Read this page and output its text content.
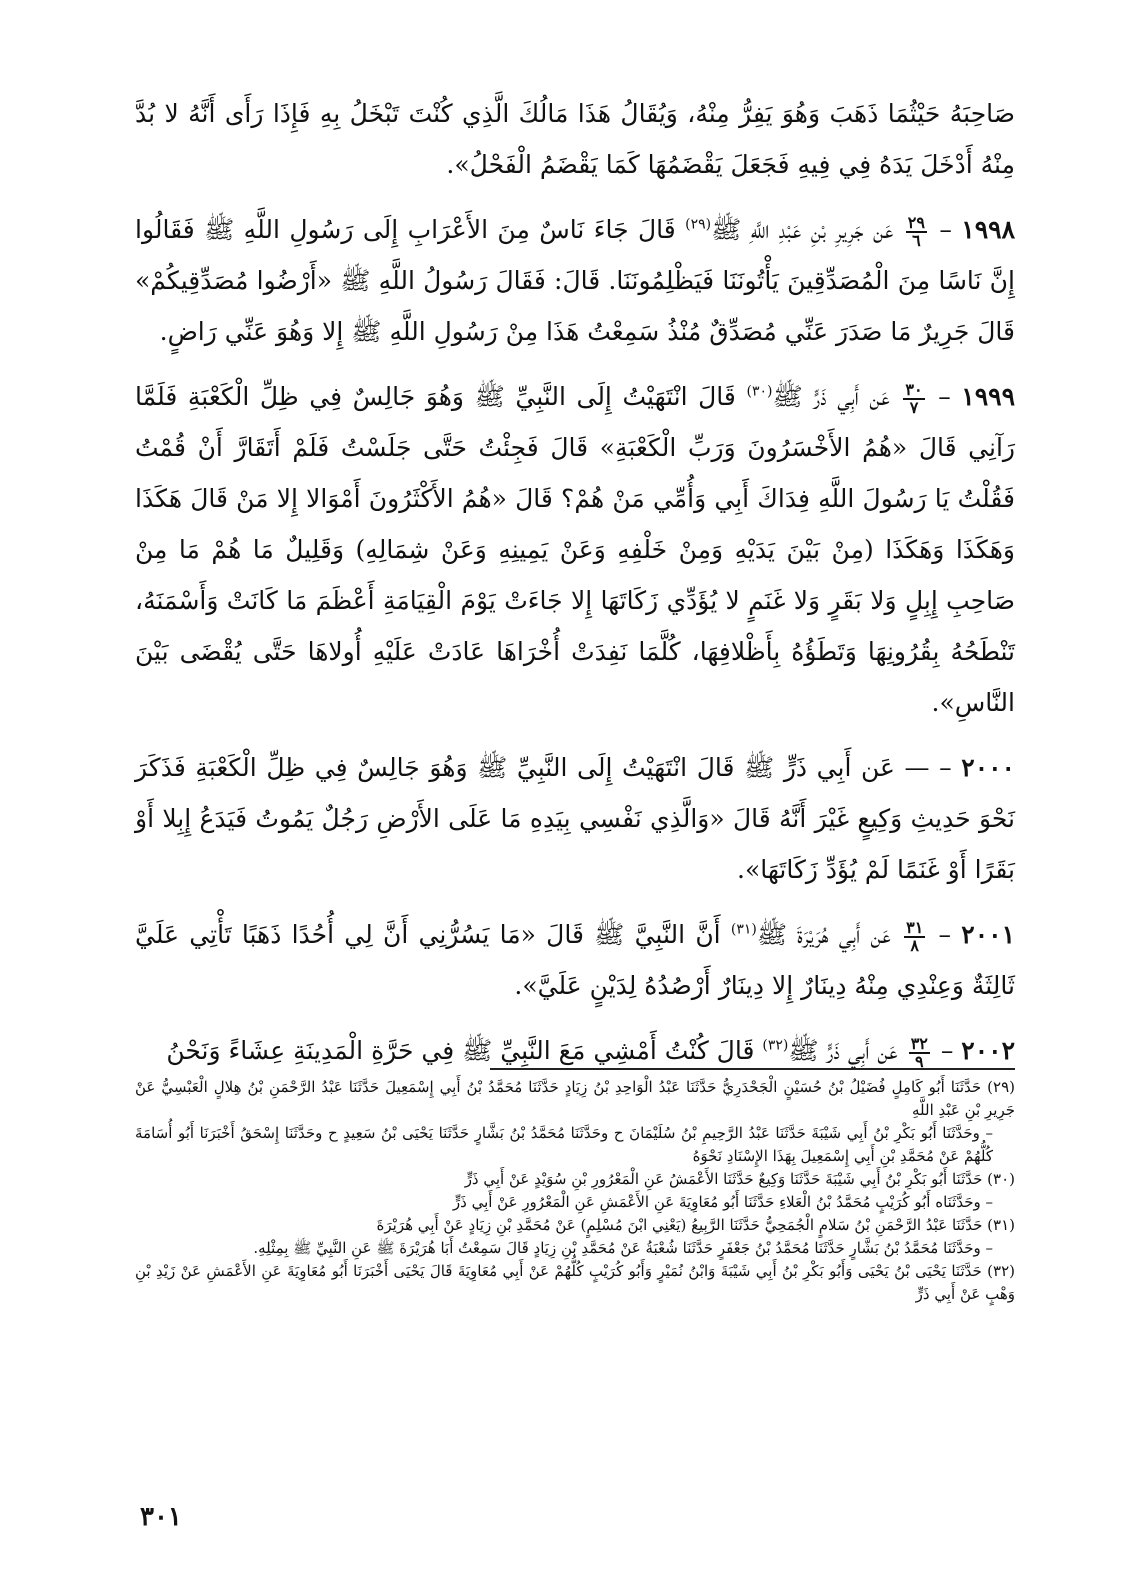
صَاحِبَهُ حَيْثُمَا ذَهَبَ وَهُوَ يَفِرُّ مِنْهُ، وَيُقَالُ هَذَا مَالُكَ الَّذِي كُنْتَ تَبْخَلُ بِهِ فَإِذَا رَأَى أَنَّهُ لا بُدَّ مِنْهُ أَدْخَلَ يَدَهُ فِي فِيهِ فَجَعَلَ يَقْضَمُهَا كَمَا يَقْضَمُ الْفَحْلُ».

١٩٩٨ –
٢٩
٦
عَن جَرِيرِ بْنِ عَبْدِ اللَّهِ ﷺ$^{(٢٩)}$ قَالَ جَاءَ نَاسٌ مِنَ الأَعْرَابِ إِلَى رَسُولِ اللَّهِ ﷺ فَقَالُوا إِنَّ نَاسًا مِنَ الْمُصَدِّقِينَ يَأْتُونَنَا فَيَظْلِمُونَنَا. قَالَ: فَقَالَ رَسُولُ اللَّهِ ﷺ «أَرْضُوا مُصَدِّقِيكُمْ» قَالَ جَرِيرٌ مَا صَدَرَ عَنِّي مُصَدِّقٌ مُنْذُ سَمِعْتُ هَذَا مِنْ رَسُولِ اللَّهِ ﷺ إِلا وَهُوَ عَنِّي رَاضٍ.

١٩٩٩ –
٣٠
٧
عَن أَبِي ذَرٍّ ﷺ$^{(٣٠)}$ قَالَ انْتَهَيْتُ إِلَى النَّبِيِّ ﷺ وَهُوَ جَالِسٌ فِي ظِلِّ الْكَعْبَةِ فَلَمَّا رَآنِي قَالَ «هُمُ الأَخْسَرُونَ وَرَبِّ الْكَعْبَةِ» قَالَ فَجِئْتُ حَتَّى جَلَسْتُ فَلَمْ أَتَقَارَّ أَنْ قُمْتُ فَقُلْتُ يَا رَسُولَ اللَّهِ فِدَاكَ أَبِي وَأُمِّي مَنْ هُمْ؟ قَالَ «هُمُ الأَكْثَرُونَ أَمْوَالا إِلا مَنْ قَالَ هَكَذَا وَهَكَذَا وَهَكَذَا (مِنْ بَيْنَ يَدَيْهِ وَمِنْ خَلْفِهِ وَعَنْ يَمِينِهِ وَعَنْ شِمَالِهِ) وَقَلِيلٌ مَا هُمْ مَا مِنْ صَاحِبِ إِبِلٍ وَلا بَقَرٍ وَلا غَنَمٍ لا يُؤَدِّي زَكَاتَهَا إِلا جَاءَتْ يَوْمَ الْقِيَامَةِ أَعْظَمَ مَا كَانَتْ وَأَسْمَنَهُ، تَنْطَحُهُ بِقُرُونِهَا وَتَطَؤُهُ بِأَظْلافِهَا، كُلَّمَا نَفِدَتْ أُخْرَاهَا عَادَتْ عَلَيْهِ أُولاهَا حَتَّى يُقْضَى بَيْنَ النَّاسِ».

٢٠٠٠ – — عَن أَبِي ذَرٍّ ﷺ قَالَ انْتَهَيْتُ إِلَى النَّبِيِّ ﷺ وَهُوَ جَالِسٌ فِي ظِلِّ الْكَعْبَةِ فَذَكَرَ نَحْوَ حَدِيثِ وَكِيعٍ غَيْرَ أَنَّهُ قَالَ «وَالَّذِي نَفْسِي بِيَدِهِ مَا عَلَى الأَرْضِ رَجُلٌ يَمُوتُ فَيَدَعُ إِبِلا أَوْ بَقَرًا أَوْ غَنَمًا لَمْ يُؤَدِّ زَكَاتَهَا».

٢٠٠١ –
٣١
٨
عَن أَبِي هُرَيْرَةَ ﷺ$^{(٣١)}$ أَنَّ النَّبِيَّ ﷺ قَالَ «مَا يَسُرُّنِي أَنَّ لِي أُحُدًا ذَهَبًا تَأْتِي عَلَيَّ ثَالِثَةٌ وَعِنْدِي مِنْهُ دِينَارٌ إِلا دِينَارٌ أَرْصُدُهُ لِدَيْنٍ عَلَيَّ».

٢٠٠٢ –
٣٢
٩
عَن أَبِي ذَرٍّ ﷺ$^{(٣٢)}$ قَالَ كُنْتُ أَمْشِي مَعَ النَّبِيِّ ﷺ فِي حَرَّةِ الْمَدِينَةِ عِشَاءً وَنَحْنُ

(٢٩) حَدَّثَنَا أَبُو كَامِلٍ فُضَيْلُ بْنُ حُسَيْنٍ الْجَحْدَرِيُّ حَدَّثَنَا عَبْدُ الْوَاحِدِ بْنُ زِيَادٍ حَدَّثَنَا مُحَمَّدُ بْنُ أَبِي إِسْمَعِيلَ حَدَّثَنَا عَبْدُ الرَّحْمَنِ بْنُ هِلالٍ الْعَبْسِيُّ عَنْ جَرِيرِ بْنِ عَبْدِ اللَّهِ

– وحَدَّثَنَا أَبُو بَكْرِ بْنُ أَبِي شَيْبَةَ حَدَّثَنَا عَبْدُ الرَّحِيمِ بْنُ سُلَيْمَانَ ح وحَدَّثَنَا مُحَمَّدُ بْنُ بَشَّارٍ حَدَّثَنَا يَحْيَى بْنُ سَعِيدٍ ح وحَدَّثَنَا إِسْحَقُ أَخْبَرَنَا أَبُو أُسَامَةَ كُلُّهُمْ عَنْ مُحَمَّدِ بْنِ أَبِي إِسْمَعِيلَ بِهَذَا الإِسْنَادِ نَحْوَهُ

(٣٠) حَدَّثَنَا أَبُو بَكْرِ بْنُ أَبِي شَيْبَةَ حَدَّثَنَا وَكِيعٌ حَدَّثَنَا الأَعْمَشُ عَنِ الْمَعْرُورِ بْنِ سُوَيْدٍ عَنْ أَبِي ذَرٍّ

– وحَدَّثَنَاه أَبُو كُرَيْبٍ مُحَمَّدُ بْنُ الْعَلاءِ حَدَّثَنَا أَبُو مُعَاوِيَةَ عَنِ الأَعْمَشِ عَنِ الْمَعْرُورِ عَنْ أَبِي ذَرٍّ

(٣١) حَدَّثَنَا عَبْدُ الرَّحْمَنِ بْنُ سَلامٍ الْجُمَحِيُّ حَدَّثَنَا الرَّبِيعُ (يَعْنِي ابْنَ مُسْلِمٍ) عَنْ مُحَمَّدِ بْنِ زِيَادٍ عَنْ أَبِي هُرَيْرَةَ

– وحَدَّثَنَا مُحَمَّدُ بْنُ بَشَّارٍ حَدَّثَنَا مُحَمَّدُ بْنُ جَعْفَرٍ حَدَّثَنَا شُعْبَةُ عَنْ مُحَمَّدِ بْنِ زِيَادٍ قَالَ سَمِعْتُ أَبَا هُرَيْرَةَ ﷺ عَنِ النَّبِيِّ ﷺ بِمِثْلِهِ.

(٣٢) حَدَّثَنَا يَحْيَى بْنُ يَحْيَى وَأَبُو بَكْرِ بْنُ أَبِي شَيْبَةَ وَابْنُ نُمَيْرٍ وَأَبُو كُرَيْبٍ كُلُّهُمْ عَنْ أَبِي مُعَاوِيَةَ قَالَ يَحْيَى أَخْبَرَنَا أَبُو مُعَاوِيَةَ عَنِ الأَعْمَشِ عَنْ زَيْدِ بْنِ وَهْبٍ عَنْ أَبِي ذَرٍّ

٣٠١
